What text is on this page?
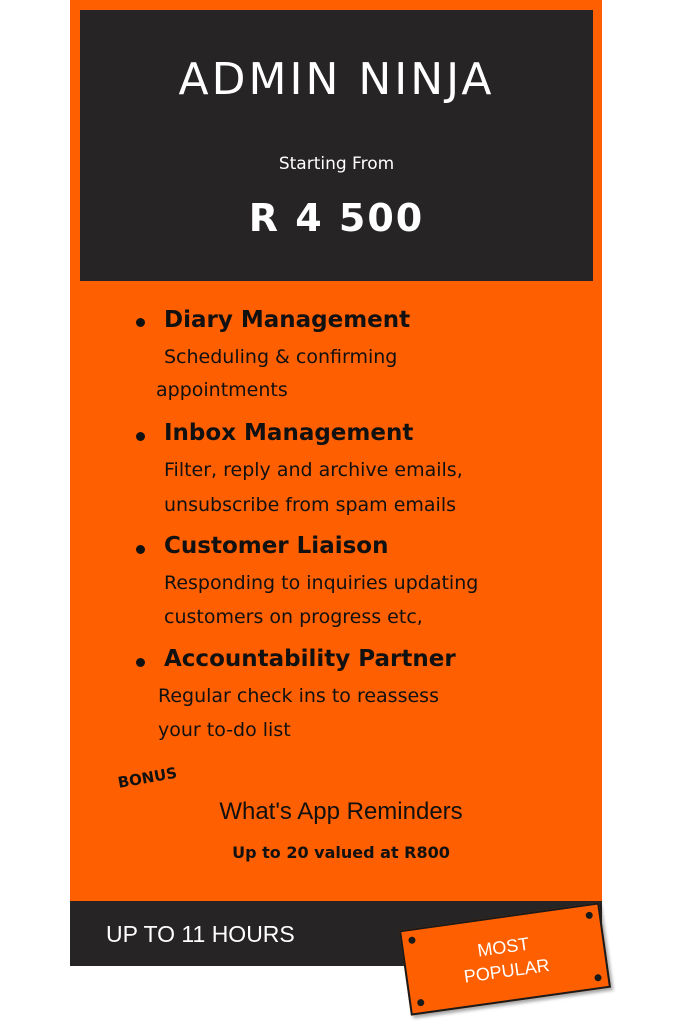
ADMIN NINJA
Starting From
R 4 500
Diary Management
Scheduling & confirming
appointments
Inbox Management
Filter, reply and archive emails,
unsubscribe from spam emails
Customer Liaison
Responding to inquiries updating
customers on progress etc,
Accountability Partner
Regular check ins to reassess
your to-do list
BONUS
What's App Reminders
Up to 20 valued at R800
UP TO 11 HOURS	MOST
POPULAR
